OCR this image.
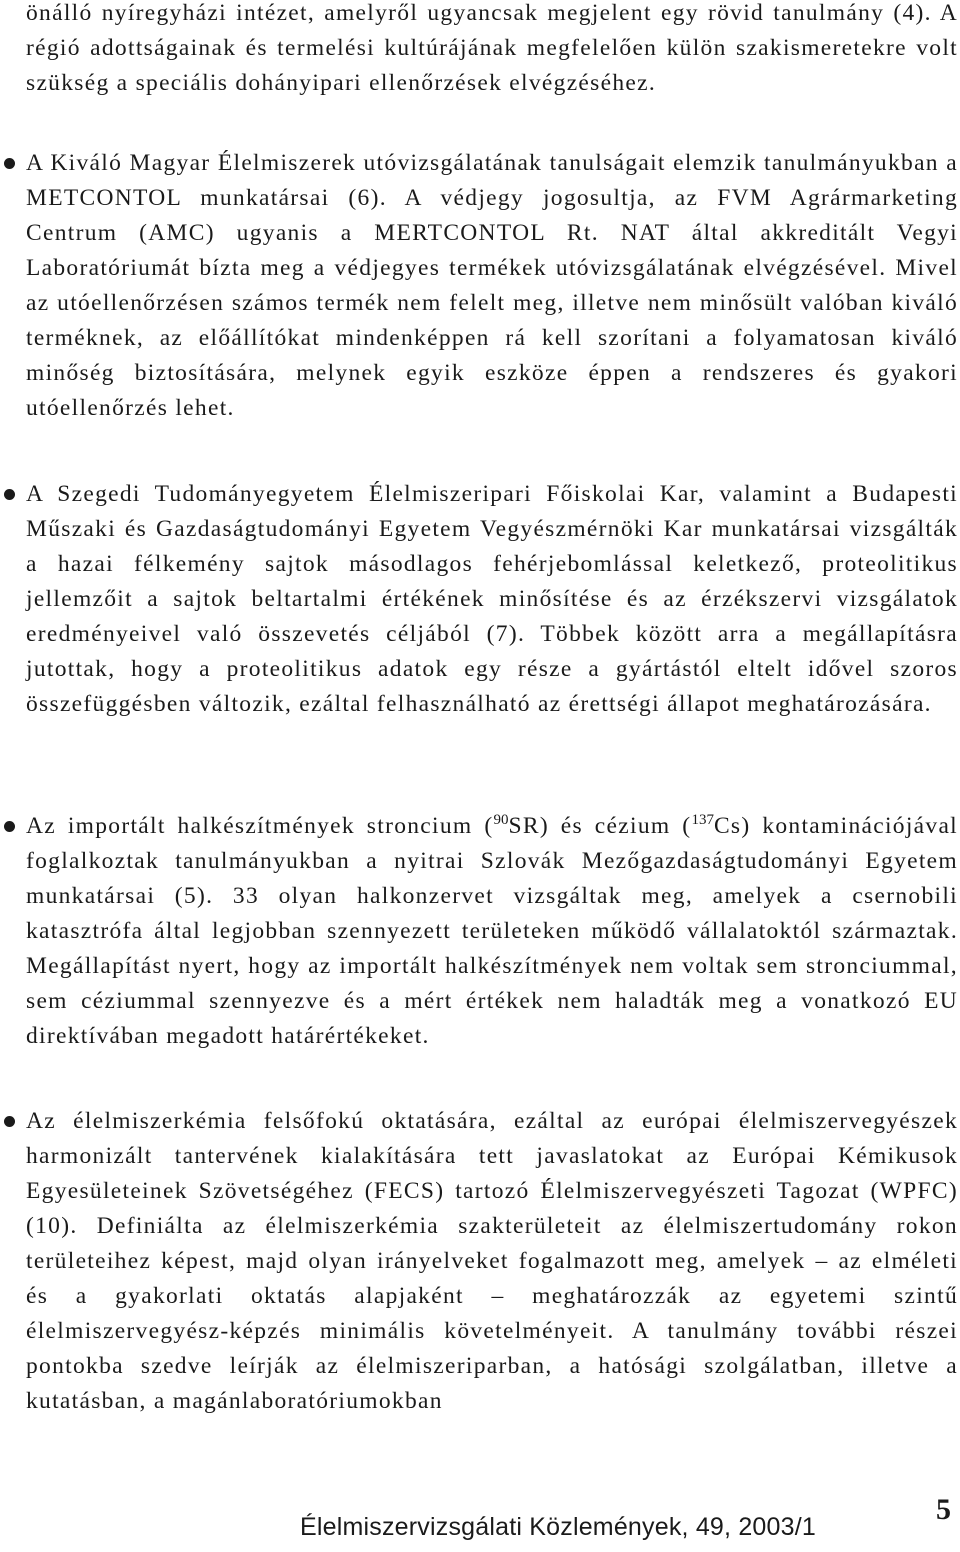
önálló nyíregyházi intézet, amelyről ugyancsak megjelent egy rövid tanulmány (4). A régió adottságainak és termelési kultúrájának megfelelően külön szakismeretekre volt szükség a speciális dohányipari ellenőrzések elvégzéséhez.
A Kiváló Magyar Élelmiszerek utóvizsgálatának tanulságait elemzik tanulmányukban a METCONTOL munkatársai (6). A védjegy jogosultja, az FVM Agrármarketing Centrum (AMC) ugyanis a MERTCONTOL Rt. NAT által akkreditált Vegyi Laboratóriumát bízta meg a védjegyes termékek utóvizsgálatának elvégzésével. Mivel az utóellenőrzésen számos termék nem felelt meg, illetve nem minősült valóban kiváló terméknek, az előállítókat mindenképpen rá kell szorítani a folyamatosan kiváló minőség biztosítására, melynek egyik eszköze éppen a rendszeres és gyakori utóellenőrzés lehet.
A Szegedi Tudományegyetem Élelmiszeripari Főiskolai Kar, valamint a Budapesti Műszaki és Gazdaságtudományi Egyetem Vegyészmérnöki Kar munkatársai vizsgálták a hazai félkemény sajtok másodlagos fehérjebomlással keletkező, proteolitikus jellemzőit a sajtok beltartalmi értékének minősítése és az érzékszervi vizsgálatok eredményeivel való összevetés céljából (7). Többek között arra a megállapításra jutottak, hogy a proteolitikus adatok egy része a gyártástól eltelt idővel szoros összefüggésben változik, ezáltal felhasználható az érettségi állapot meghatározására.
Az importált halkészítmények stroncium ($^{90}$SR) és cézium ($^{137}$Cs) kontaminációjával foglalkoztak tanulmányukban a nyitrai Szlovák Mezőgazdaságtudományi Egyetem munkatársai (5). 33 olyan halkonzervet vizsgáltak meg, amelyek a csernobili katasztrófa által legjobban szennyezett területeken működő vállalatoktól származtak. Megállapítást nyert, hogy az importált halkészítmények nem voltak sem stronciummal, sem céziummal szennyezve és a mért értékek nem haladták meg a vonatkozó EU direktívában megadott határértékeket.
Az élelmiszerkémia felsőfokú oktatására, ezáltal az európai élelmiszervegyészek harmonizált tantervének kialakítására tett javaslatokat az Európai Kémikusok Egyesületeinek Szövetségéhez (FECS) tartozó Élelmiszervegyészeti Tagozat (WPFC) (10). Definiálta az élelmiszerkémia szakterületeit az élelmiszertudomány rokon területeihez képest, majd olyan irányelveket fogalmazott meg, amelyek – az elméleti és a gyakorlati oktatás alapjaként – meghatározzák az egyetemi szintű élelmiszervegyész-képzés minimális követelményeit. A tanulmány további részei pontokba szedve leírják az élelmiszeriparban, a hatósági szolgálatban, illetve a kutatásban, a magánlaboratóriumokban
Élelmiszervizsgálati Közlemények, 49, 2003/1
5
